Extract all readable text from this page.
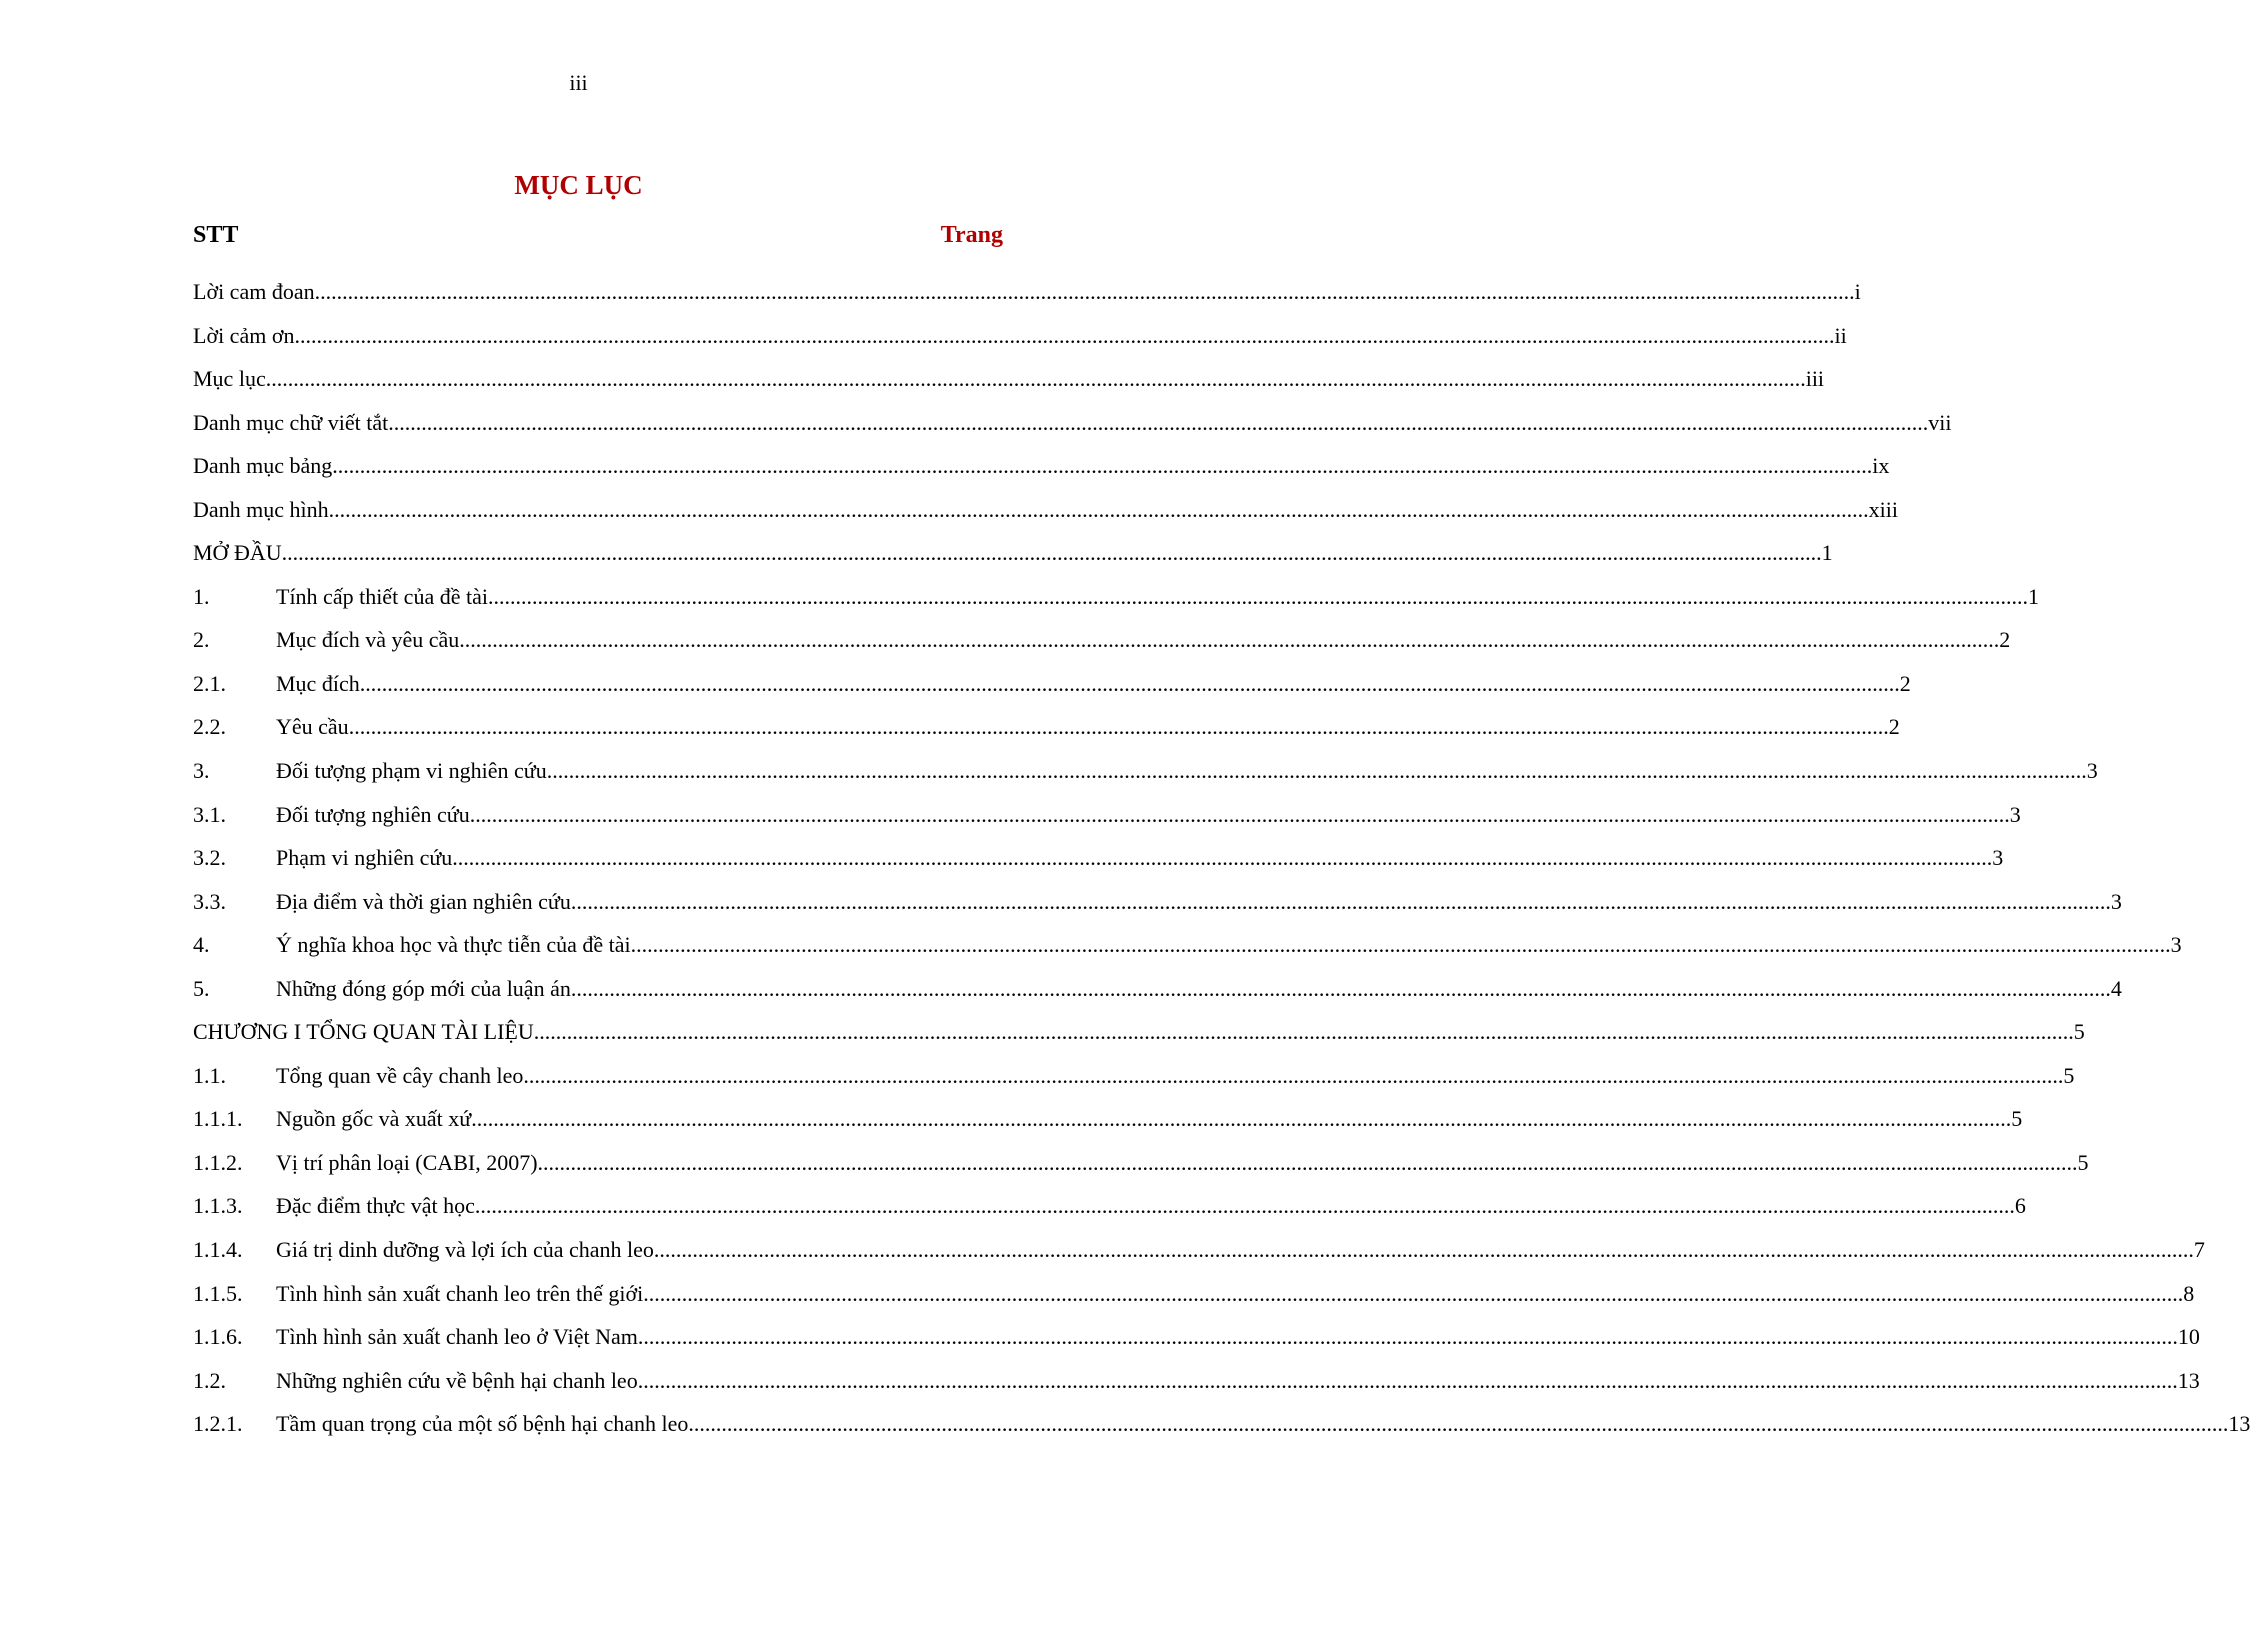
iii
MỤC LỤC
STT	Trang
Lời cam đoan .....	i
Lời cảm ơn .....	ii
Mục lục .....	iii
Danh mục chữ viết tắt .....	vii
Danh mục bảng .....	ix
Danh mục hình .....	xiii
MỞ ĐẦU .....	1
1.	Tính cấp thiết của đề tài .....	1
2.	Mục đích và yêu cầu .....	2
2.1.	Mục đích .....	2
2.2.	Yêu cầu .....	2
3.	Đối tượng phạm vi nghiên cứu .....	3
3.1.	Đối tượng nghiên cứu .....	3
3.2.	Phạm vi nghiên cứu .....	3
3.3.	Địa điểm và thời gian nghiên cứu .....	3
4.	Ý nghĩa khoa học và thực tiễn của đề tài .....	3
5.	Những đóng góp mới của luận án .....	4
CHƯƠNG I TỔNG QUAN TÀI LIỆU .....	5
1.1.	Tổng quan về cây chanh leo .....	5
1.1.1.	Nguồn gốc và xuất xứ .....	5
1.1.2.	Vị trí phân loại (CABI, 2007) .....	5
1.1.3.	Đặc điểm thực vật học .....	6
1.1.4.	Giá trị dinh dưỡng và lợi ích của chanh leo .....	7
1.1.5.	Tình hình sản xuất chanh leo trên thế giới .....	8
1.1.6.	Tình hình sản xuất chanh leo ở Việt Nam .....	10
1.2.	Những nghiên cứu về bệnh hại chanh leo .....	13
1.2.1.	Tầm quan trọng của một số bệnh hại chanh leo .....	13
